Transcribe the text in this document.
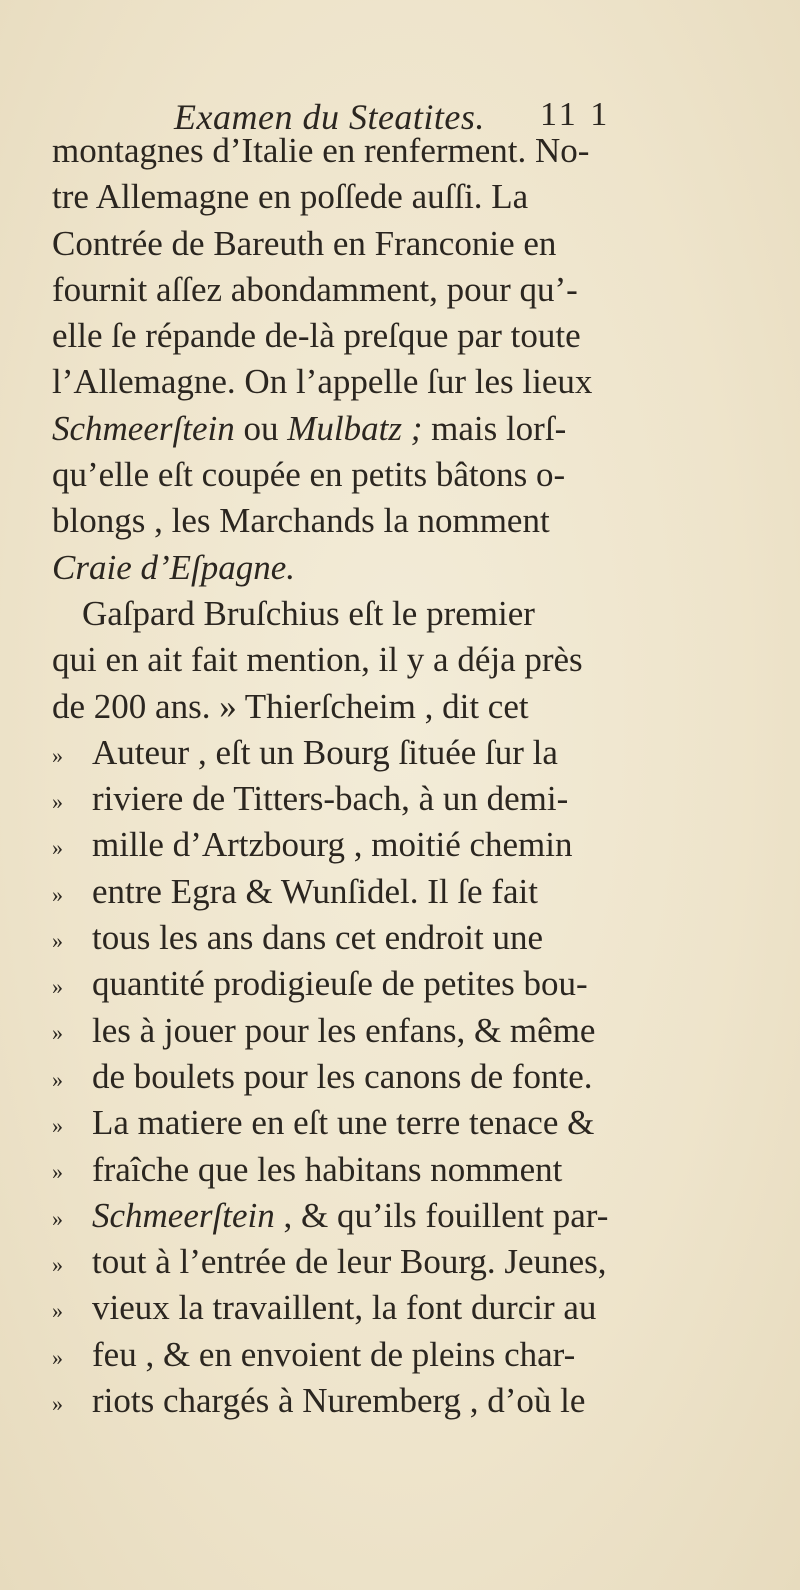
Examen du Steatites. 11 1
montagnes d’Italie en renferment. No-
tre Allemagne en poſſede auſſi. La
Contrée de Bareuth en Franconie en
fournit aſſez abondamment, pour qu’-
elle ſe répande de-là preſque par toute
l’Allemagne. On l’appelle ſur les lieux
Schmeerſtein ou Mulbatz ; mais lorſ-
qu’elle eſt coupée en petits bâtons o-
blongs , les Marchands la nomment
Craie d’Eſpagne.
Gaſpard Bruſchius eſt le premier
qui en ait fait mention, il y a déja près
de 200 ans. » Thierſcheim , dit cet
» Auteur , eſt un Bourg ſituée ſur la
» riviere de Titters-bach, à un demi-
» mille d’Artzbourg , moitié chemin
» entre Egra & Wunſidel. Il ſe fait
» tous les ans dans cet endroit une
» quantité prodigieuſe de petites bou-
» les à jouer pour les enfans, & même
» de boulets pour les canons de fonte.
» La matiere en eſt une terre tenace &
» fraîche que les habitans nomment
» Schmeerſtein , & qu’ils fouillent par-
» tout à l’entrée de leur Bourg. Jeunes,
» vieux la travaillent, la font durcir au
» feu , & en envoient de pleins char-
» riots chargés à Nuremberg , d’où le
